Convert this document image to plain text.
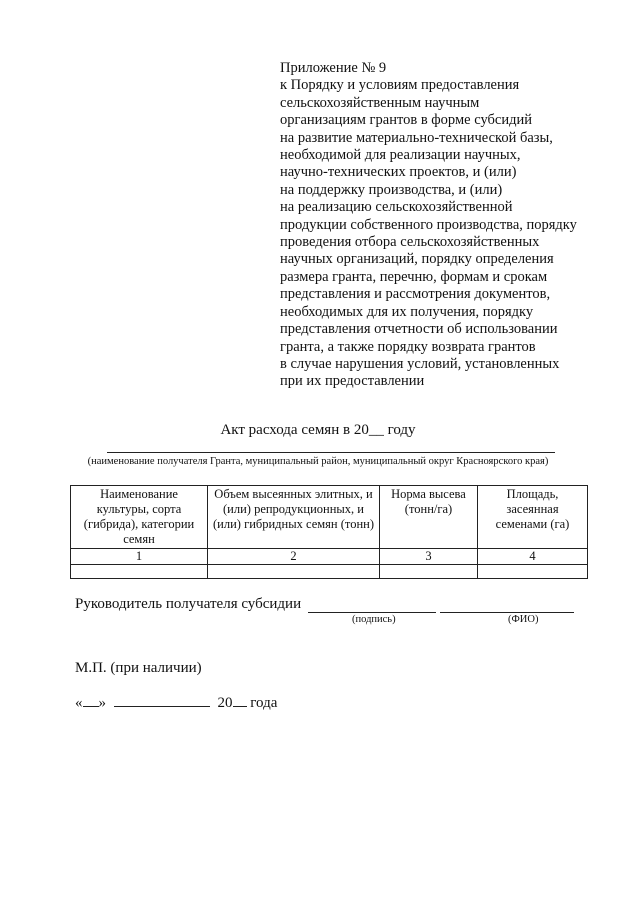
Приложение № 9
к Порядку и условиям предоставления
сельскохозяйственным научным
организациям грантов в форме субсидий
на развитие материально-технической базы,
необходимой для реализации научных,
научно-технических проектов, и (или)
на поддержку производства, и (или)
на реализацию сельскохозяйственной
продукции собственного производства, порядку
проведения отбора сельскохозяйственных
научных организаций, порядку определения
размера гранта, перечню, формам и срокам
представления и рассмотрения документов,
необходимых для их получения, порядку
представления отчетности об использовании
гранта, а также порядку возврата грантов
в случае нарушения условий, установленных
при их предоставлении
Акт расхода семян в 20__ году
(наименование получателя Гранта, муниципальный район, муниципальный округ Красноярского края)
Наименование культуры, сорта (гибрида), категории семян	Объем высеянных элитных, и (или) репродукционных, и (или) гибридных семян (тонн)	Норма высева (тонн/га)	Площадь, засеянная семенами (га)
1	2	3	4

Руководитель получателя субсидии
(подпись)	(ФИО)
М.П. (при наличии)
« »	20 года
